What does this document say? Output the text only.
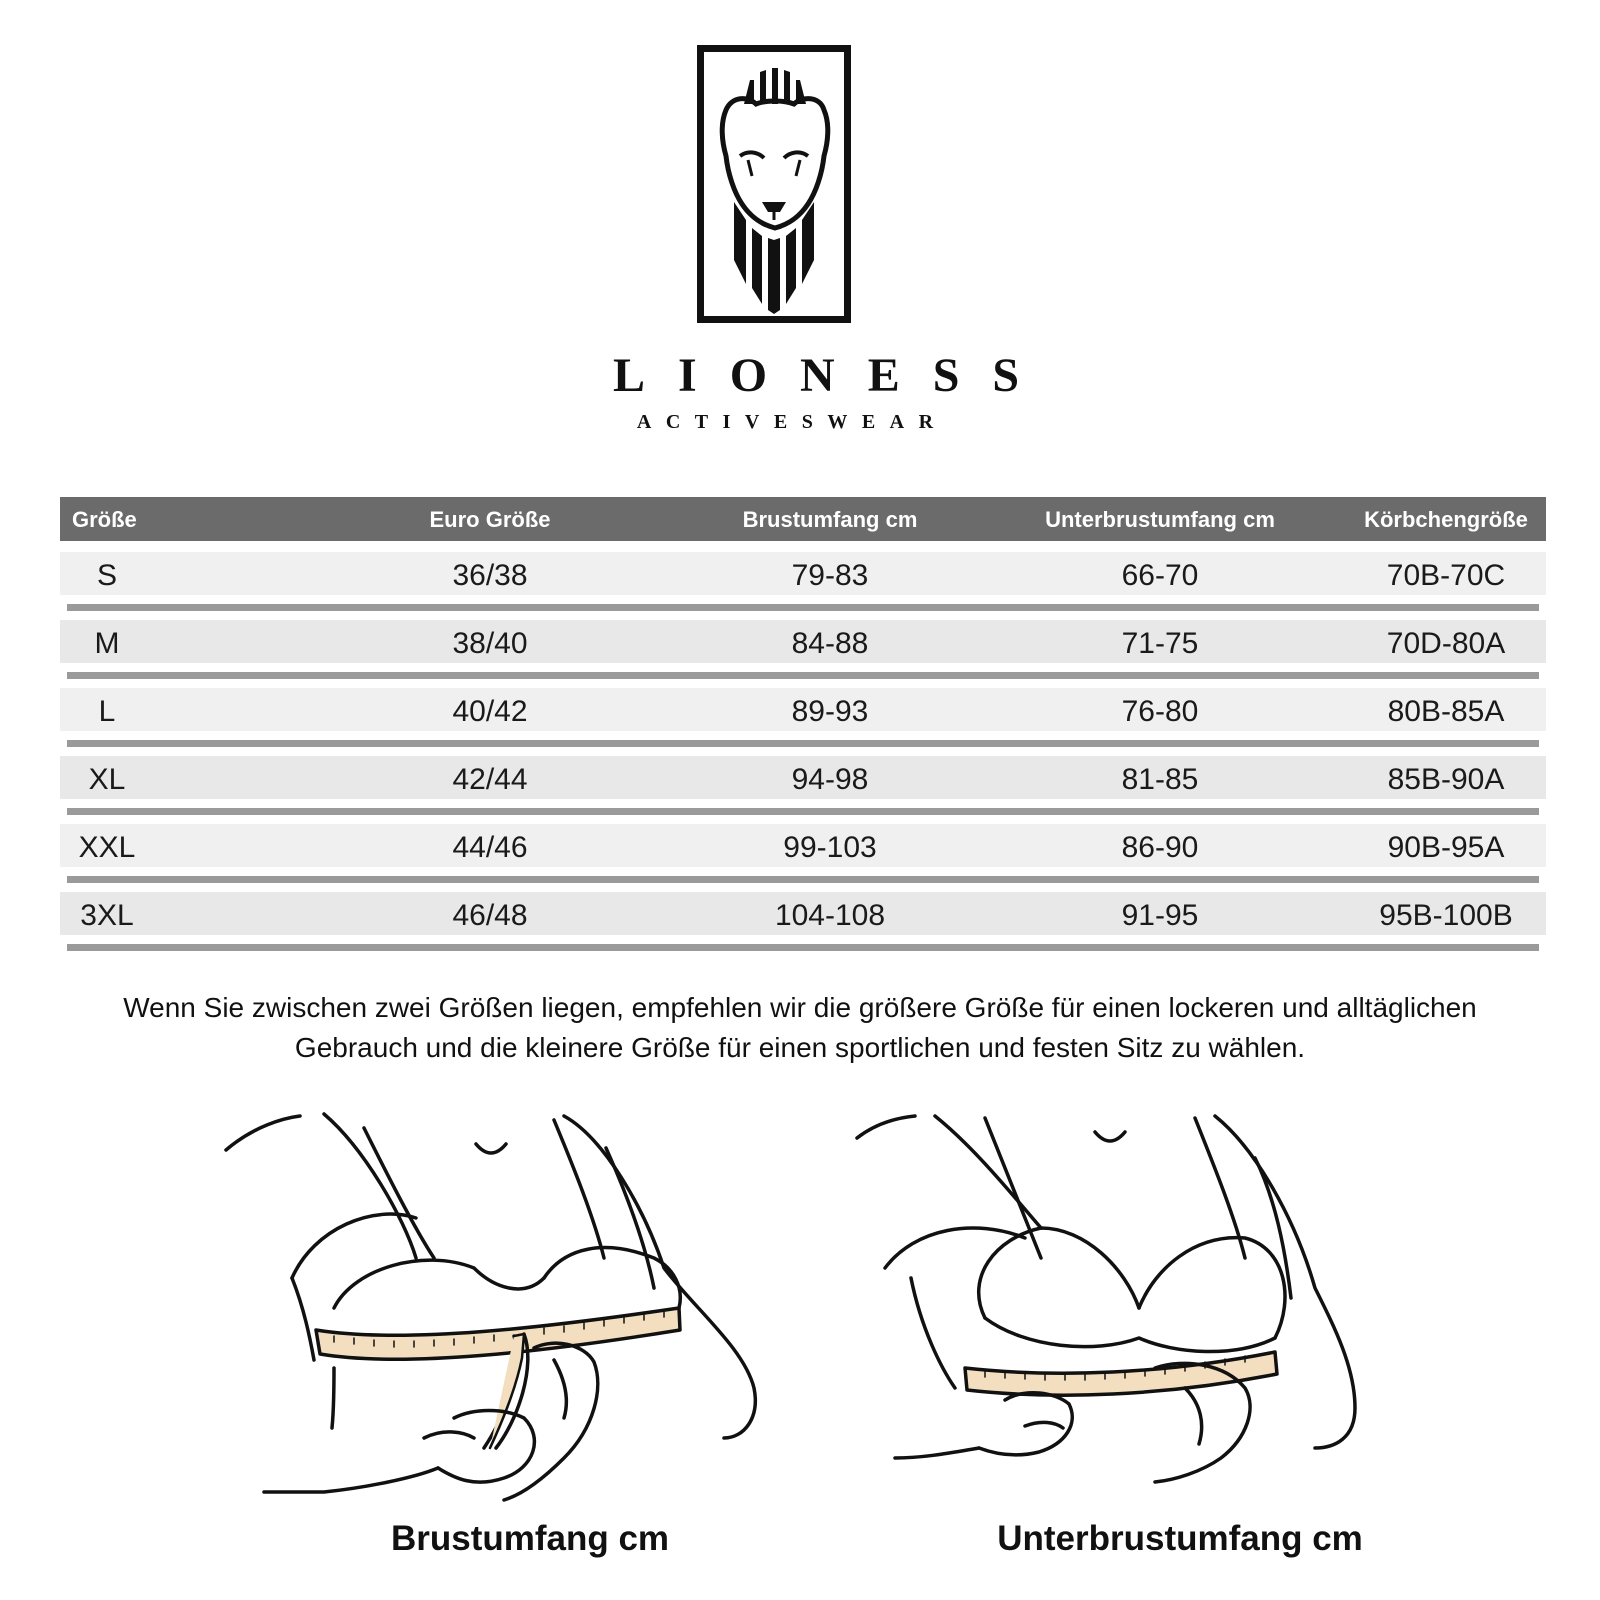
LIONESS
ACTIVESWEAR
Größe	Euro Größe	Brustumfang cm	Unterbrustumfang cm	Körbchengröße
S	36/38	79-83	66-70	70B-70C
M	38/40	84-88	71-75	70D-80A
L	40/42	89-93	76-80	80B-85A
XL	42/44	94-98	81-85	85B-90A
XXL	44/46	99-103	86-90	90B-95A
3XL	46/48	104-108	91-95	95B-100B
Wenn Sie zwischen zwei Größen liegen, empfehlen wir die größere Größe für einen lockeren und alltäglichen
Gebrauch und die kleinere Größe für einen sportlichen und festen Sitz zu wählen.
Brustumfang cm	Unterbrustumfang cm
